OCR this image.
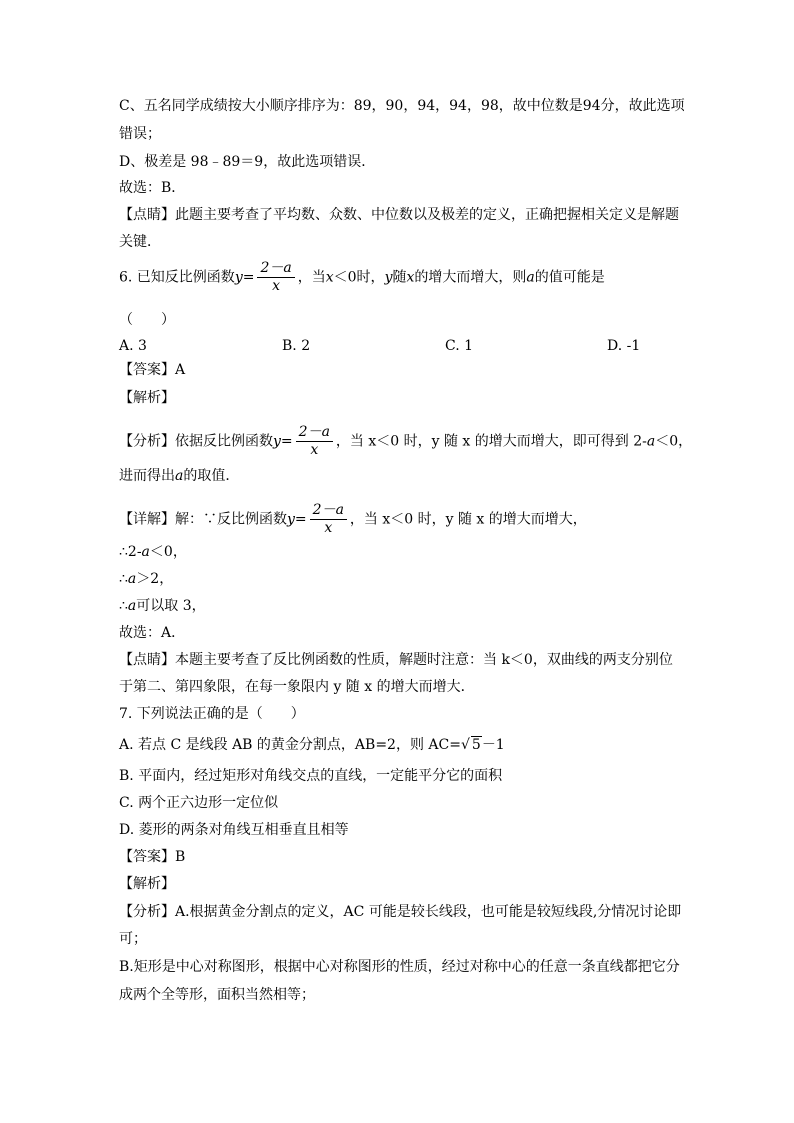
C、五名同学成绩按大小顺序排序为：89，90，94，94，98，故中位数是94分，故此选项
错误；
D、极差是 98﹣89＝9，故此选项错误．
故选：B．
【点睛】此题主要考查了平均数、众数、中位数以及极差的定义，正确把握相关定义是解题
关键．
6. 已知反比例函数$y= \frac{2-a}{x}$ ，当x＜0时，y随x的增大而增大，则a的值可能是
（　　）
A. 3	B. 2	C. 1	D. -1
【答案】A
【解析】
【分析】依据反比例函数$y= \frac{2-a}{x}$ ，当 x＜0 时，y 随 x 的增大而增大，即可得到 2-a＜0，
进而得出a的取值．
【详解】解：∵反比例函数$y= \frac{2-a}{x}$ ，当 x＜0 时，y 随 x 的增大而增大，
∴2-a＜0，
∴a＞2，
∴a可以取 3，
故选：A．
【点睛】本题主要考查了反比例函数的性质，解题时注意：当 k＜0，双曲线的两支分别位
于第二、第四象限，在每一象限内 y 随 x 的增大而增大．
7. 下列说法正确的是（　　）
A. 若点 C 是线段 AB 的黄金分割点，AB=2，则 AC=√ 5－1
B. 平面内，经过矩形对角线交点的直线，一定能平分它的面积
C. 两个正六边形一定位似
D. 菱形的两条对角线互相垂直且相等
【答案】B
【解析】
【分析】A.根据黄金分割点的定义，AC 可能是较长线段，也可能是较短线段,分情况讨论即
可；
B.矩形是中心对称图形，根据中心对称图形的性质，经过对称中心的任意一条直线都把它分
成两个全等形，面积当然相等；
